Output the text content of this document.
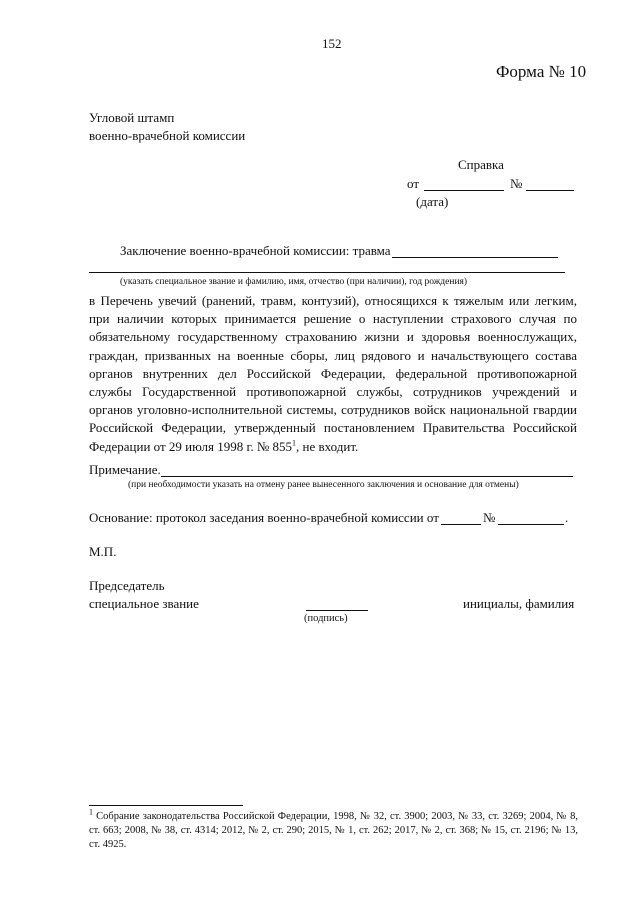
152
Форма № 10
Угловой штамп
военно-врачебной комиссии
Справка
от	№
(дата)
Заключение военно-врачебной комиссии: травма
(указать специальное звание и фамилию, имя, отчество (при наличии), год рождения)

в Перечень увечий (ранений, травм, контузий), относящихся к тяжелым или легким, при наличии которых принимается решение о наступлении страхового случая по обязательному государственному страхованию жизни и здоровья военнослужащих, граждан, призванных на военные сборы, лиц рядового и начальствующего состава органов внутренних дел Российской Федерации, федеральной противопожарной службы Государственной противопожарной службы, сотрудников учреждений и органов уголовно-исполнительной системы, сотрудников войск национальной гвардии Российской Федерации, утвержденный постановлением Правительства Российской Федерации от 29 июля 1998 г. № $855^1$, не входит.

Примечание.
(при необходимости указать на отмену ранее вынесенного заключения и основание для отмены)
Основание: протокол заседания военно-врачебной комиссии от	№	.
М.П.
Председатель
специальное звание
(подпись)
инициалы, фамилия

$^1$ Собрание законодательства Российской Федерации, 1998, № 32, ст. 3900; 2003, № 33, ст. 3269; 2004, № 8, ст. 663; 2008, № 38, ст. 4314; 2012, № 2, ст. 290; 2015, № 1, ст. 262; 2017, № 2, ст. 368; № 15, ст. 2196; № 13, ст. 4925.
